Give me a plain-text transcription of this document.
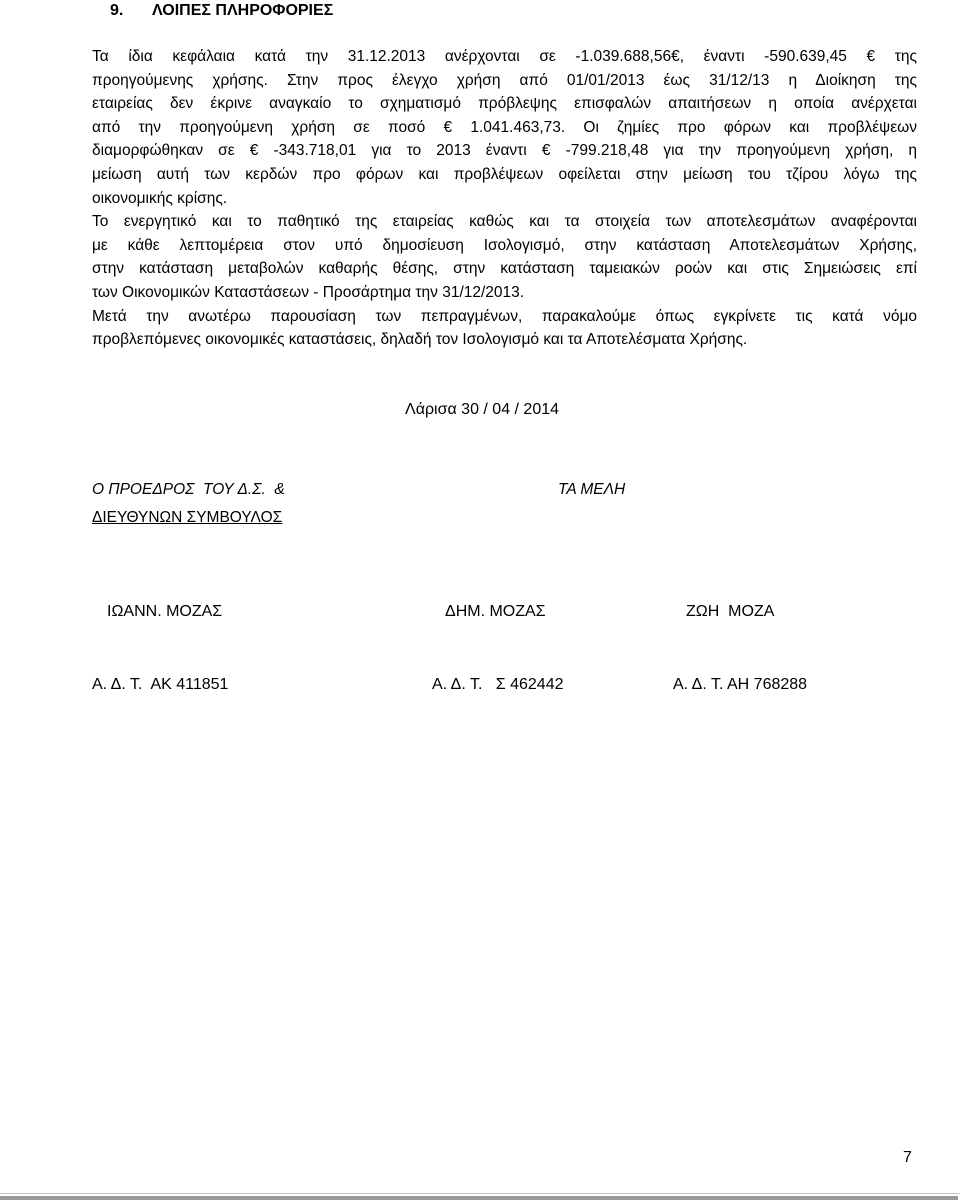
9. ΛΟΙΠΕΣ ΠΛΗΡΟΦΟΡΙΕΣ
Τα ίδια κεφάλαια κατά την 31.12.2013 ανέρχονται σε -1.039.688,56€, έναντι -590.639,45 € της
προηγούμενης χρήσης. Στην προς έλεγχο χρήση από 01/01/2013 έως 31/12/13 η Διοίκηση της
εταιρείας δεν έκρινε αναγκαίο το σχηματισμό πρόβλεψης επισφαλών απαιτήσεων η οποία ανέρχεται
από την προηγούμενη χρήση σε ποσό € 1.041.463,73. Οι ζημίες προ φόρων και προβλέψεων
διαμορφώθηκαν σε € -343.718,01 για το 2013 έναντι € -799.218,48 για την προηγούμενη χρήση, η
μείωση αυτή των κερδών προ φόρων και προβλέψεων οφείλεται στην μείωση του τζίρου λόγω της
οικονομικής κρίσης.
Το ενεργητικό και το παθητικό της εταιρείας καθώς και τα στοιχεία των αποτελεσμάτων αναφέρονται
με κάθε λεπτομέρεια στον υπό δημοσίευση Ισολογισμό, στην κατάσταση Αποτελεσμάτων Χρήσης,
στην κατάσταση μεταβολών καθαρής θέσης, στην κατάσταση ταμειακών ροών και στις Σημειώσεις επί
των Οικονομικών Καταστάσεων - Προσάρτημα την 31/12/2013.
Μετά την ανωτέρω παρουσίαση των πεπραγμένων, παρακαλούμε όπως εγκρίνετε τις κατά νόμο
προβλεπόμενες οικονομικές καταστάσεις, δηλαδή τον Ισολογισμό και τα Αποτελέσματα Χρήσης.
Λάρισα 30 / 04 / 2014
Ο ΠΡΟΕΔΡΟΣ  ΤΟΥ Δ.Σ.  &	ΤΑ ΜΕΛΗ
ΔΙΕΥΘΥΝΩΝ ΣΥΜΒΟΥΛΟΣ
ΙΩΑΝΝ. ΜΟΖΑΣ	ΔΗΜ. ΜΟΖΑΣ	ΖΩΗ  ΜΟΖΑ
Α. Δ. Τ.  ΑΚ 411851	Α. Δ. Τ.   Σ 462442	Α. Δ. Τ. ΑΗ 768288
7
